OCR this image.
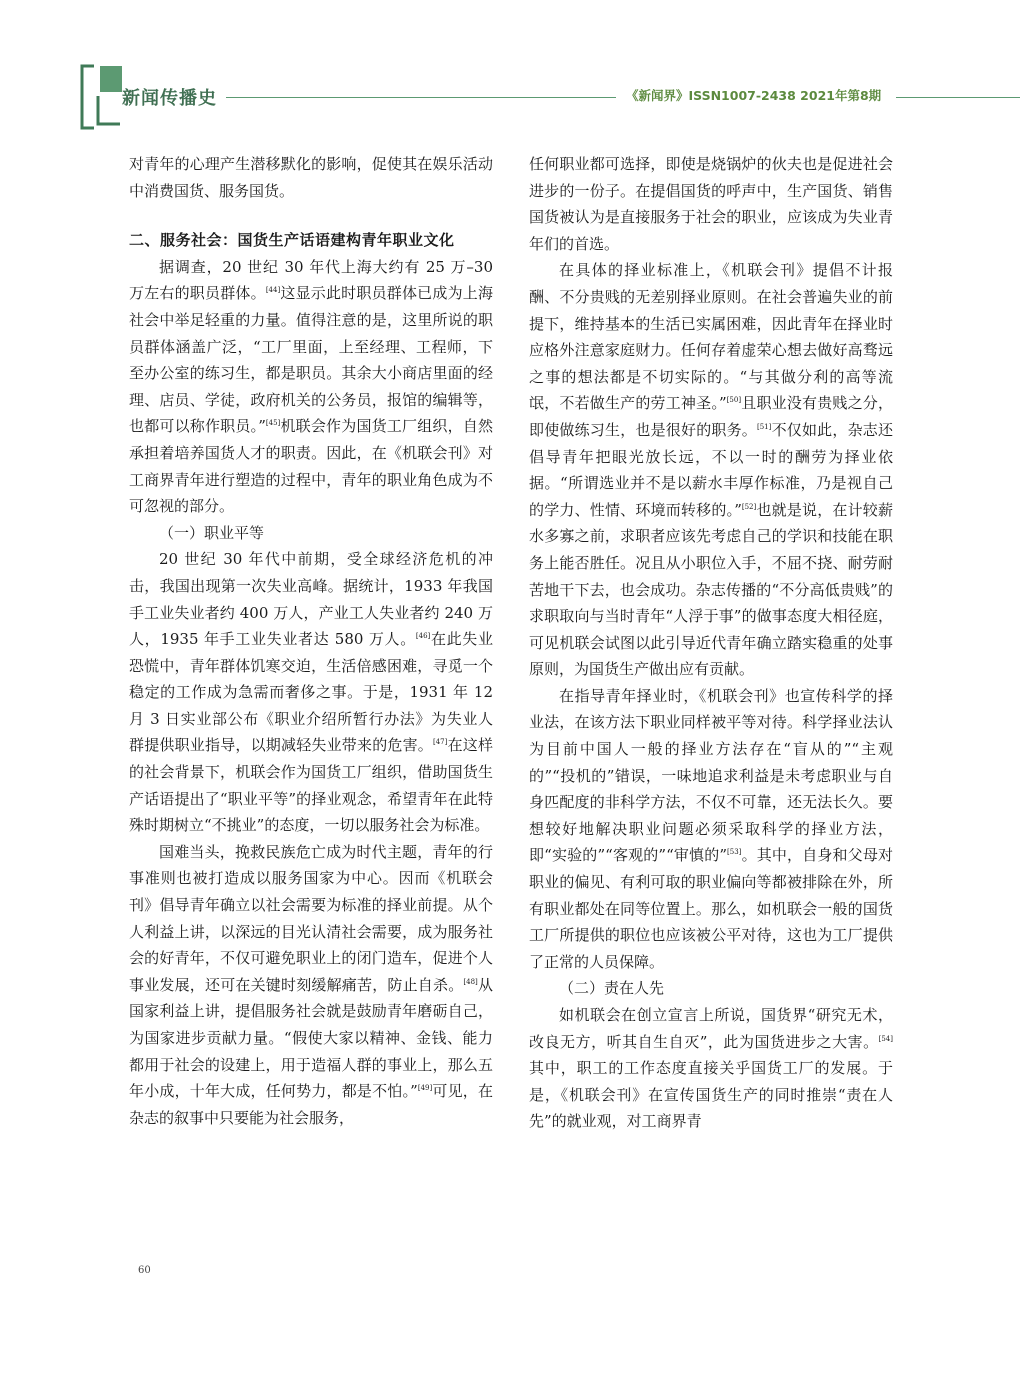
新闻传播史	《新闻界》ISSN1007-2438 2021年第8期

对青年的心理产生潜移默化的影响，促使其在娱乐活动中消费国货、服务国货。

二、服务社会：国货生产话语建构青年职业文化

据调查，20 世纪 30 年代上海大约有 25 万–30 万左右的职员群体。[44]这显示此时职员群体已成为上海社会中举足轻重的力量。值得注意的是，这里所说的职员群体涵盖广泛，“工厂里面，上至经理、工程师，下至办公室的练习生，都是职员。其余大小商店里面的经理、店员、学徒，政府机关的公务员，报馆的编辑等，也都可以称作职员。”[45]机联会作为国货工厂组织，自然承担着培养国货人才的职责。因此，在《机联会刊》对工商界青年进行塑造的过程中，青年的职业角色成为不可忽视的部分。

（一）职业平等

20 世纪 30 年代中前期，受全球经济危机的冲击，我国出现第一次失业高峰。据统计，1933 年我国手工业失业者约 400 万人，产业工人失业者约 240 万人，1935 年手工业失业者达 580 万人。[46]在此失业恐慌中，青年群体饥寒交迫，生活倍感困难，寻觅一个稳定的工作成为急需而奢侈之事。于是，1931 年 12 月 3 日实业部公布《职业介绍所暂行办法》为失业人群提供职业指导，以期减轻失业带来的危害。[47]在这样的社会背景下，机联会作为国货工厂组织，借助国货生产话语提出了“职业平等”的择业观念，希望青年在此特殊时期树立“不挑业”的态度，一切以服务社会为标准。

国难当头，挽救民族危亡成为时代主题，青年的行事准则也被打造成以服务国家为中心。因而《机联会刊》倡导青年确立以社会需要为标准的择业前提。从个人利益上讲，以深远的目光认清社会需要，成为服务社会的好青年，不仅可避免职业上的闭门造车，促进个人事业发展，还可在关键时刻缓解痛苦，防止自杀。[48]从国家利益上讲，提倡服务社会就是鼓励青年磨砺自己，为国家进步贡献力量。“假使大家以精神、金钱、能力都用于社会的设建上，用于造福人群的事业上，那么五年小成，十年大成，任何势力，都是不怕。”[49]可见，在杂志的叙事中只要能为社会服务，

任何职业都可选择，即使是烧锅炉的伙夫也是促进社会进步的一份子。在提倡国货的呼声中，生产国货、销售国货被认为是直接服务于社会的职业，应该成为失业青年们的首选。

在具体的择业标准上，《机联会刊》提倡不计报酬、不分贵贱的无差别择业原则。在社会普遍失业的前提下，维持基本的生活已实属困难，因此青年在择业时应格外注意家庭财力。任何存着虚荣心想去做好高骛远之事的想法都是不切实际的。“与其做分利的高等流氓，不若做生产的劳工神圣。”[50]且职业没有贵贱之分，即使做练习生，也是很好的职务。[51]不仅如此，杂志还倡导青年把眼光放长远，不以一时的酬劳为择业依据。“所谓选业并不是以薪水丰厚作标准，乃是视自己的学力、性情、环境而转移的。”[52]也就是说，在计较薪水多寡之前，求职者应该先考虑自己的学识和技能在职务上能否胜任。况且从小职位入手，不屈不挠、耐劳耐苦地干下去，也会成功。杂志传播的“不分高低贵贱”的求职取向与当时青年“人浮于事”的做事态度大相径庭，可见机联会试图以此引导近代青年确立踏实稳重的处事原则，为国货生产做出应有贡献。

在指导青年择业时，《机联会刊》也宣传科学的择业法，在该方法下职业同样被平等对待。科学择业法认为目前中国人一般的择业方法存在“盲从的”“主观的”“投机的”错误，一味地追求利益是未考虑职业与自身匹配度的非科学方法，不仅不可靠，还无法长久。要想较好地解决职业问题必须采取科学的择业方法，即“实验的”“客观的”“审慎的”[53]。其中，自身和父母对职业的偏见、有利可取的职业偏向等都被排除在外，所有职业都处在同等位置上。那么，如机联会一般的国货工厂所提供的职位也应该被公平对待，这也为工厂提供了正常的人员保障。

（二）责在人先

如机联会在创立宣言上所说，国货界“研究无术，改良无方，听其自生自灭”，此为国货进步之大害。[54]其中，职工的工作态度直接关乎国货工厂的发展。于是，《机联会刊》在宣传国货生产的同时推崇“责在人先”的就业观，对工商界青

60
